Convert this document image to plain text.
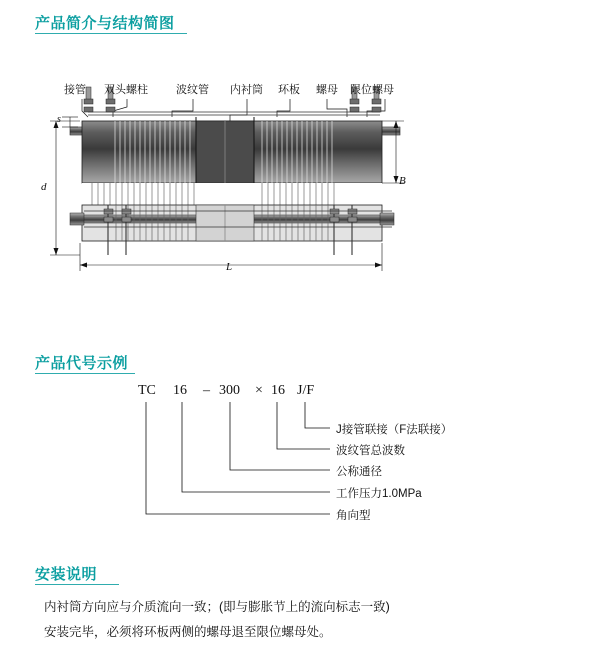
产品简介与结构简图
接管 双头螺柱	波纹管 内衬筒 环板 螺母 限位螺母
s
d	B
L
产品代号示例
TC 16 – 300 × 16 J/F
J接管联接（F法联接）
波纹管总波数
公称通径
工作压力1.0MPa
角向型
安装说明

内衬筒方向应与介质流向一致；(即与膨胀节上的流向标志一致)

安装完毕，必须将环板两侧的螺母退至限位螺母处。
